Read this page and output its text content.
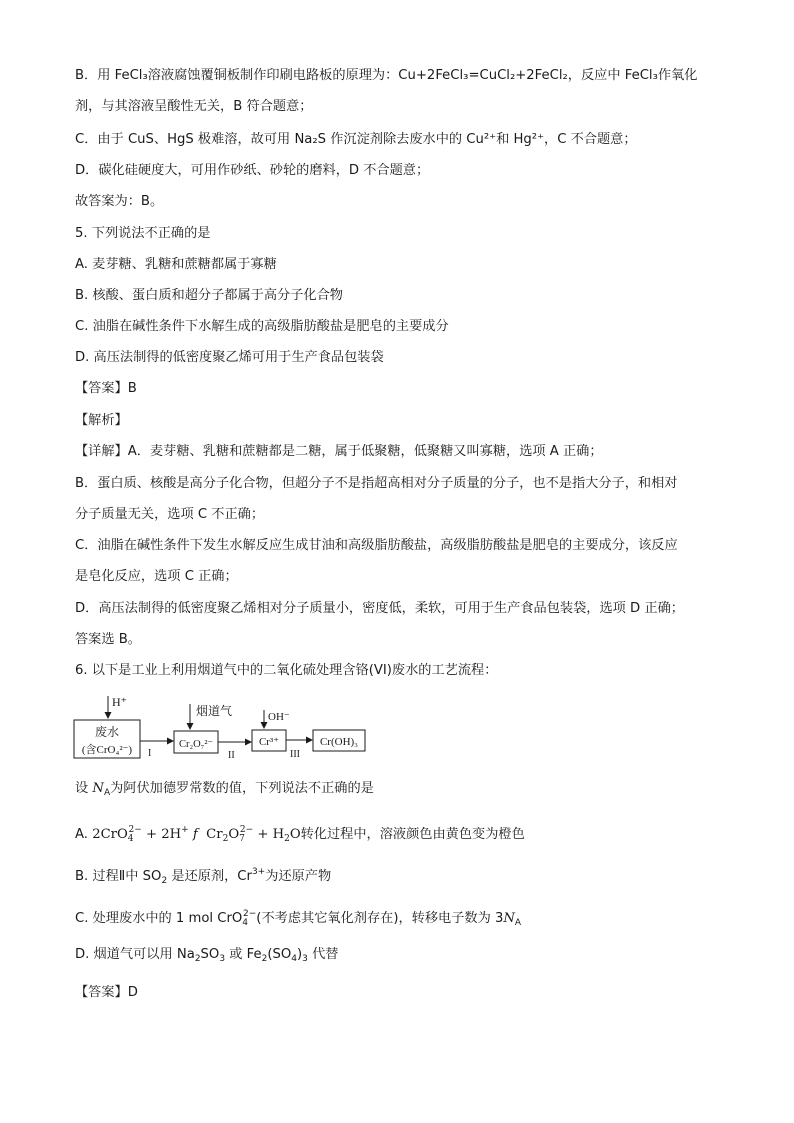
B．用 FeCl₃溶液腐蚀覆铜板制作印刷电路板的原理为：Cu+2FeCl₃=CuCl₂+2FeCl₂，反应中 FeCl₃作氧化
剂，与其溶液呈酸性无关，B 符合题意；
C．由于 CuS、HgS 极难溶，故可用 Na₂S 作沉淀剂除去废水中的 Cu²⁺和 Hg²⁺，C 不合题意；
D．碳化硅硬度大，可用作砂纸、砂轮的磨料，D 不合题意；
故答案为：B。
5. 下列说法不正确的是
A. 麦芽糖、乳糖和蔗糖都属于寡糖
B. 核酸、蛋白质和超分子都属于高分子化合物
C. 油脂在碱性条件下水解生成的高级脂肪酸盐是肥皂的主要成分
D. 高压法制得的低密度聚乙烯可用于生产食品包装袋
【答案】B
【解析】
【详解】A．麦芽糖、乳糖和蔗糖都是二糖，属于低聚糖，低聚糖又叫寡糖，选项 A 正确；
B．蛋白质、核酸是高分子化合物，但超分子不是指超高相对分子质量的分子，也不是指大分子，和相对
分子质量无关，选项 C 不正确；
C．油脂在碱性条件下发生水解反应生成甘油和高级脂肪酸盐，高级脂肪酸盐是肥皂的主要成分，该反应
是皂化反应，选项 C 正确；
D．高压法制得的低密度聚乙烯相对分子质量小，密度低，柔软，可用于生产食品包装袋，选项 D 正确；
答案选 B。
6. 以下是工业上利用烟道气中的二氧化硫处理含铬(VI)废水的工艺流程：
H⁺
废水
(含CrO₄²⁻) I
烟道气
Cr₂O₇²⁻
II
OH⁻
Cr³⁺
III
Cr(OH)₃
设 $N_A$为阿伏加德罗常数的值，下列说法不正确的是
A. 2CrO$_4^{2-}$ + 2H+ f $Cr_2O_7^{2-} + H_2O$转化过程中，溶液颜色由黄色变为橙色
B. 过程Ⅱ中 $SO_2$ 是还原剂，$Cr^{3+}$为还原产物
C. 处理废水中的 1 mol CrO$_4^{2-}$(不考虑其它氧化剂存在)，转移电子数为 $3N_A$
D. 烟道气可以用 $Na_2SO_3$ 或 $Fe_2(SO_4)_3$ 代替
【答案】D
